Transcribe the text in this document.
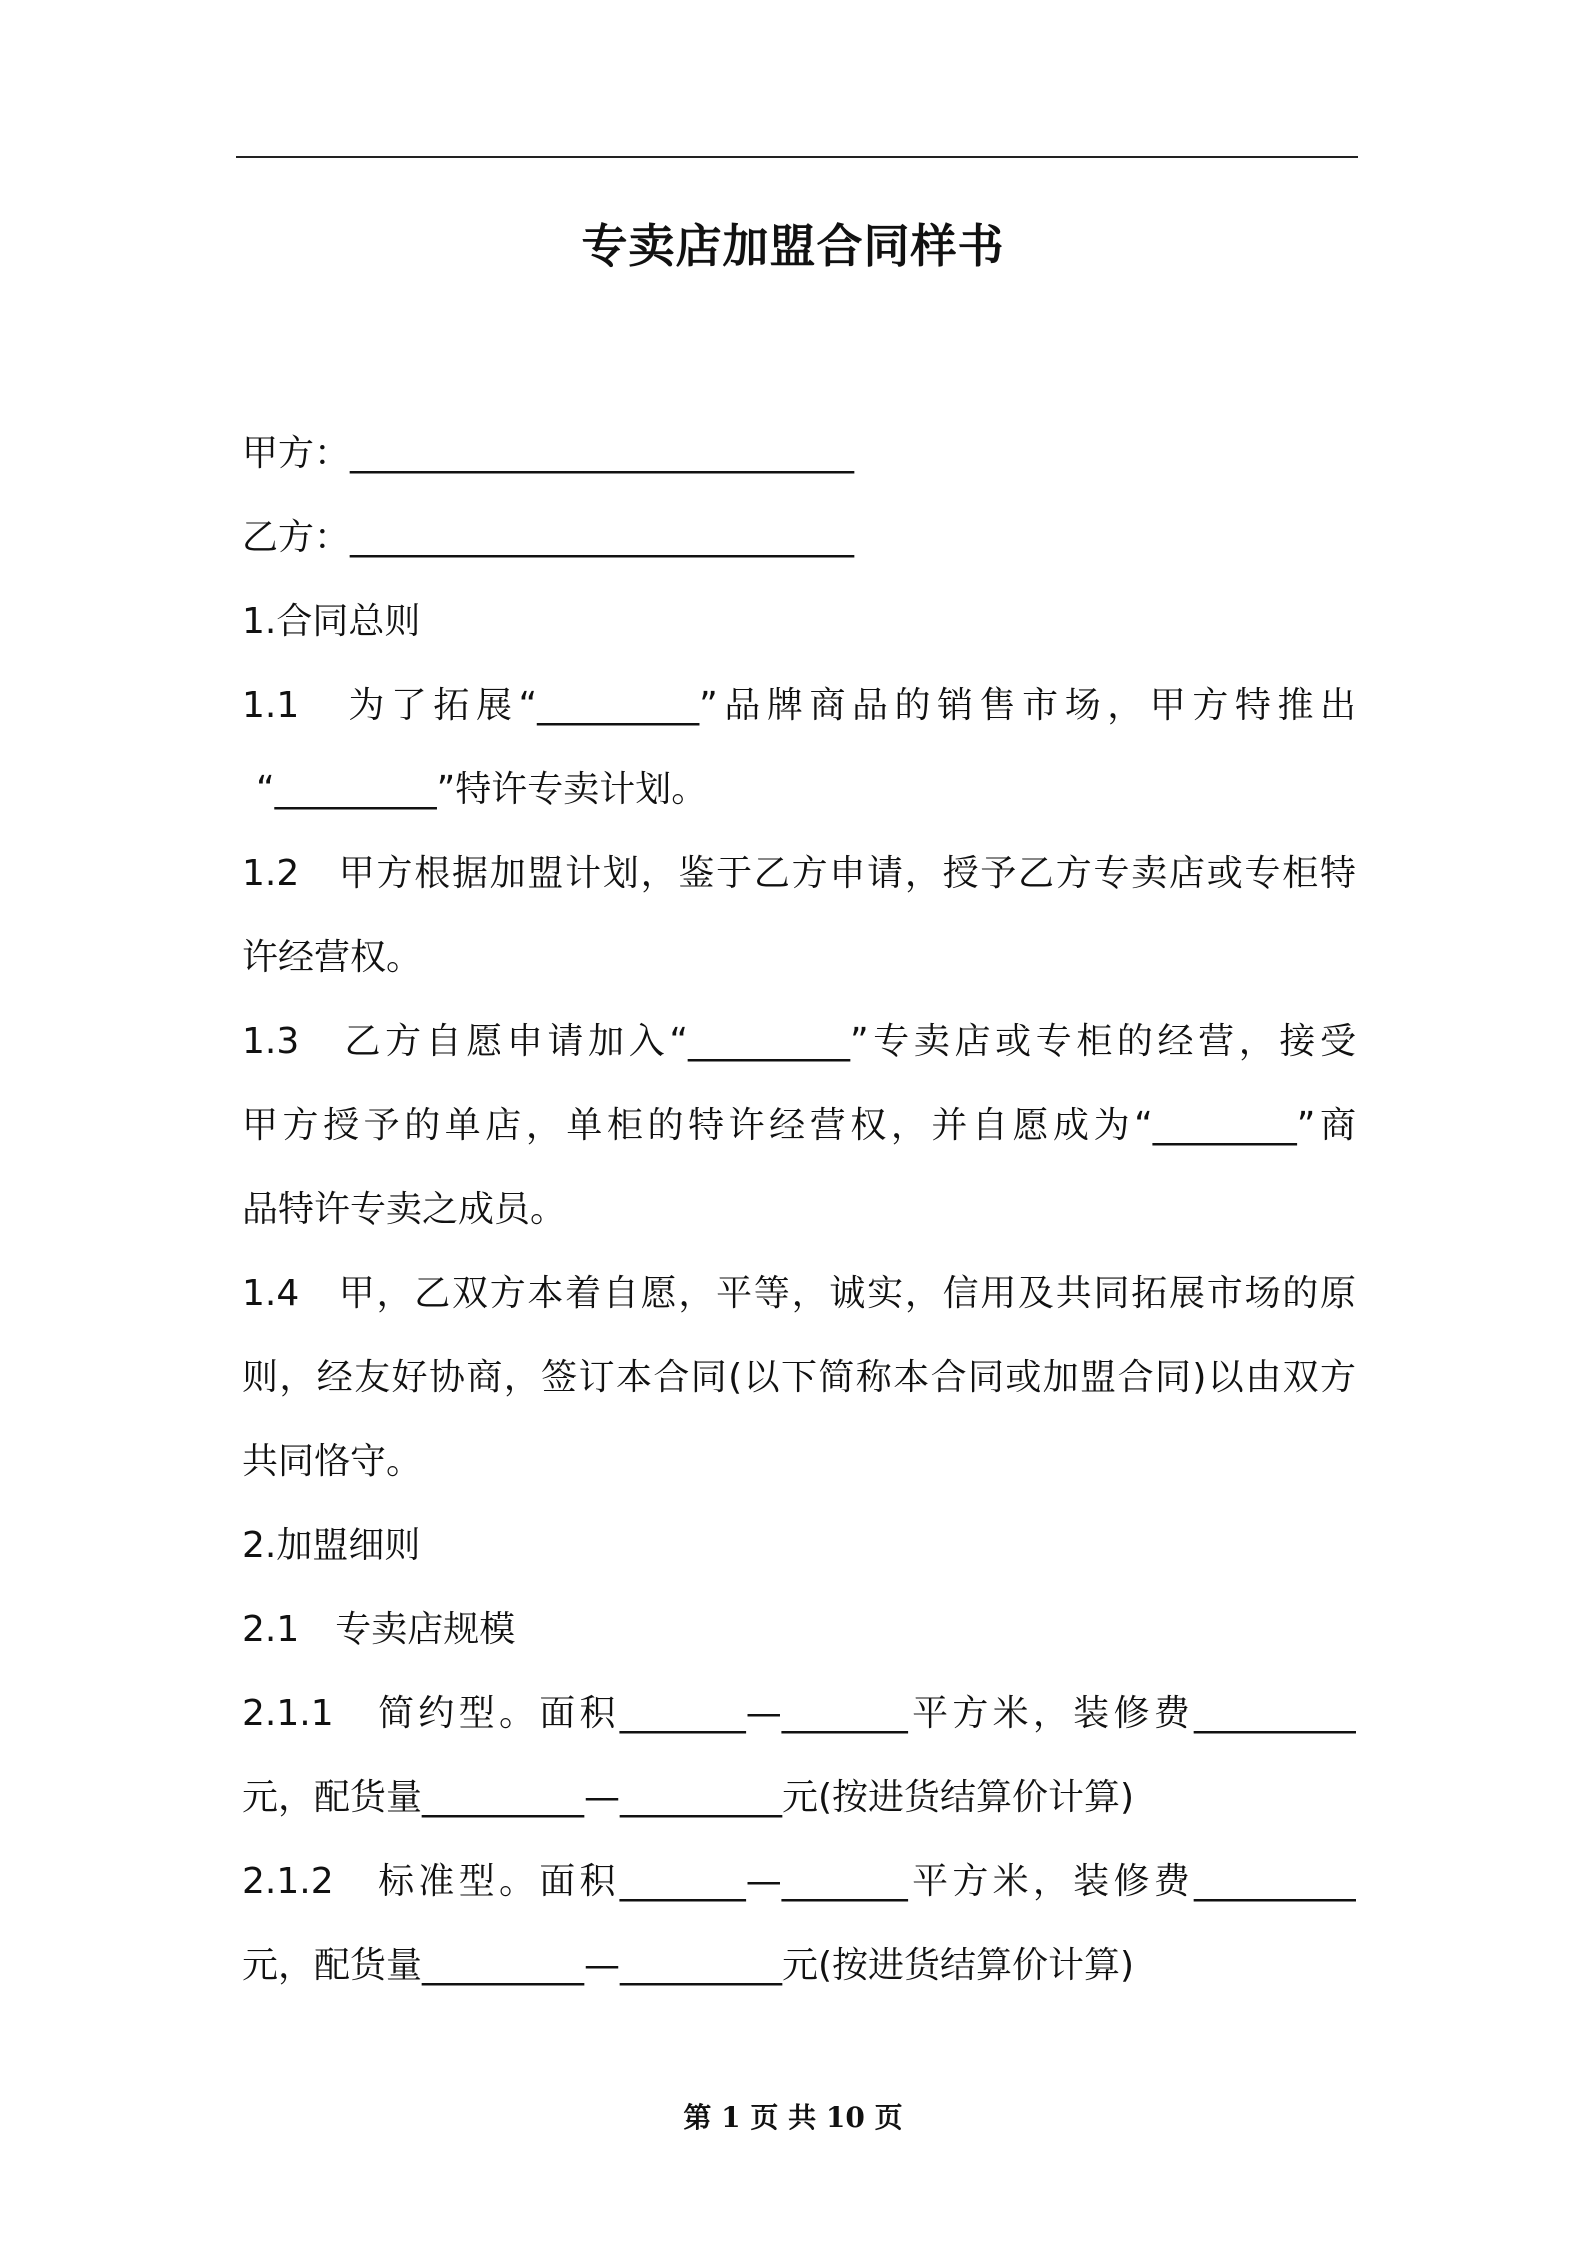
专卖店加盟合同样书
甲方：____________________________
乙方：____________________________
1.合同总则
1.1　为了拓展“_________”品牌商品的销售市场，甲方特推出
“_________”特许专卖计划。
1.2　甲方根据加盟计划，鉴于乙方申请，授予乙方专卖店或专柜特
许经营权。
1.3　乙方自愿申请加入“_________”专卖店或专柜的经营，接受
甲方授予的单店，单柜的特许经营权，并自愿成为“________”商
品特许专卖之成员。
1.4　甲，乙双方本着自愿，平等，诚实，信用及共同拓展市场的原
则，经友好协商，签订本合同(以下简称本合同或加盟合同)以由双方
共同恪守。
2.加盟细则
2.1　专卖店规模
2.1.1　简约型。面积_______—_______平方米，装修费_________
元，配货量_________—_________元(按进货结算价计算)
2.1.2　标准型。面积_______—_______平方米，装修费_________
元，配货量_________—_________元(按进货结算价计算)
第 1 页 共 10 页
